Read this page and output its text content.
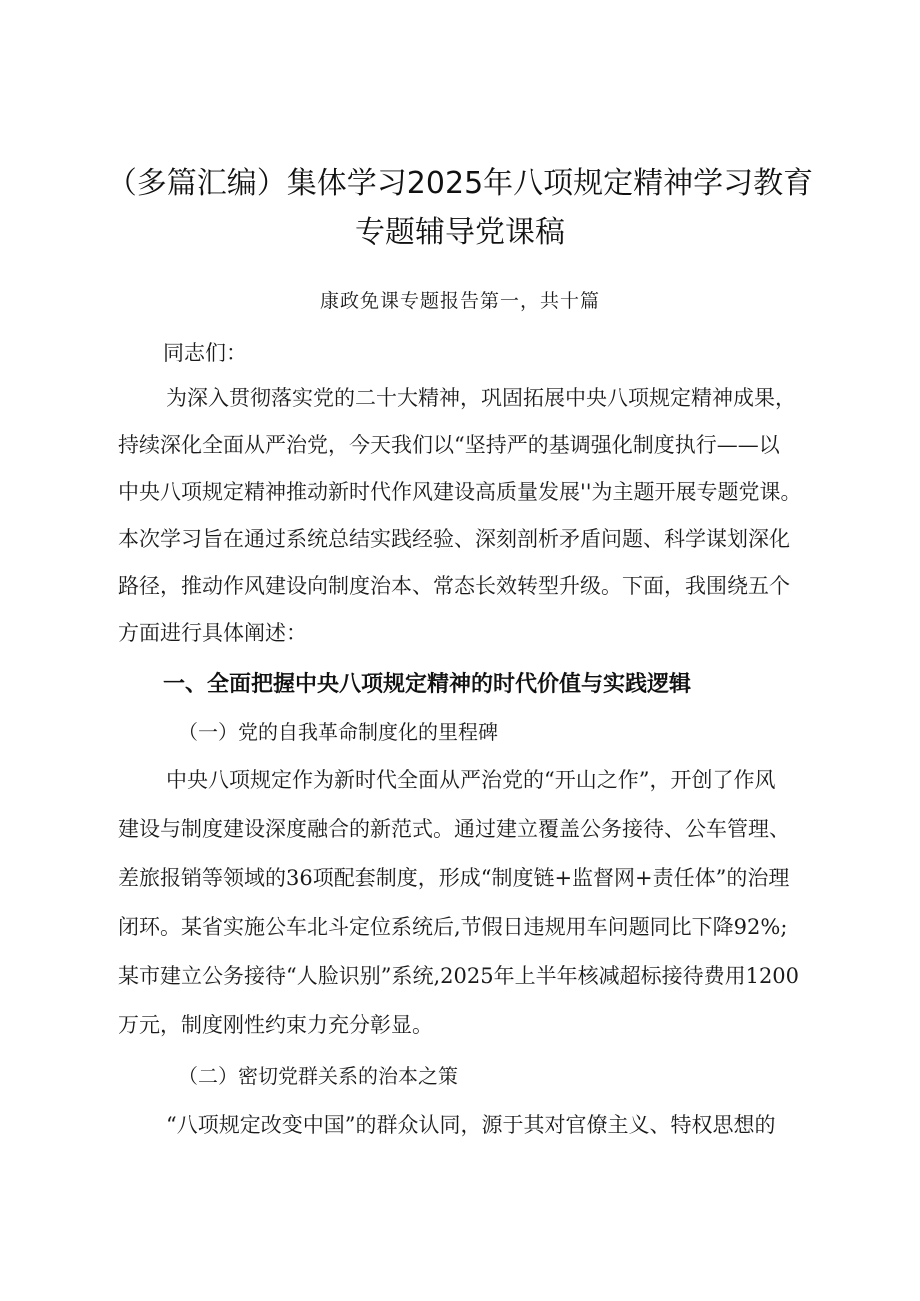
（多篇汇编）集体学习2025年八项规定精神学习教育
专题辅导党课稿
康政免课专题报告第一，共十篇
同志们：
为深入贯彻落实党的二十大精神，巩固拓展中央八项规定精神成果，
持续深化全面从严治党，今天我们以“坚持严的基调强化制度执行——以
中央八项规定精神推动新时代作风建设高质量发展''为主题开展专题党课。
本次学习旨在通过系统总结实践经验、深刻剖析矛盾问题、科学谋划深化
路径，推动作风建设向制度治本、常态长效转型升级。下面，我围绕五个
方面进行具体阐述：
一、全面把握中央八项规定精神的时代价值与实践逻辑
（一）党的自我革命制度化的里程碑
中央八项规定作为新时代全面从严治党的“开山之作”，开创了作风
建设与制度建设深度融合的新范式。通过建立覆盖公务接待、公车管理、
差旅报销等领域的36项配套制度，形成“制度链+监督网+责任体”的治理
闭环。某省实施公车北斗定位系统后,节假日违规用车问题同比下降92%;
某市建立公务接待“人脸识别”系统,2025年上半年核减超标接待费用1200
万元，制度刚性约束力充分彰显。
（二）密切党群关系的治本之策
“八项规定改变中国”的群众认同，源于其对官僚主义、特权思想的
